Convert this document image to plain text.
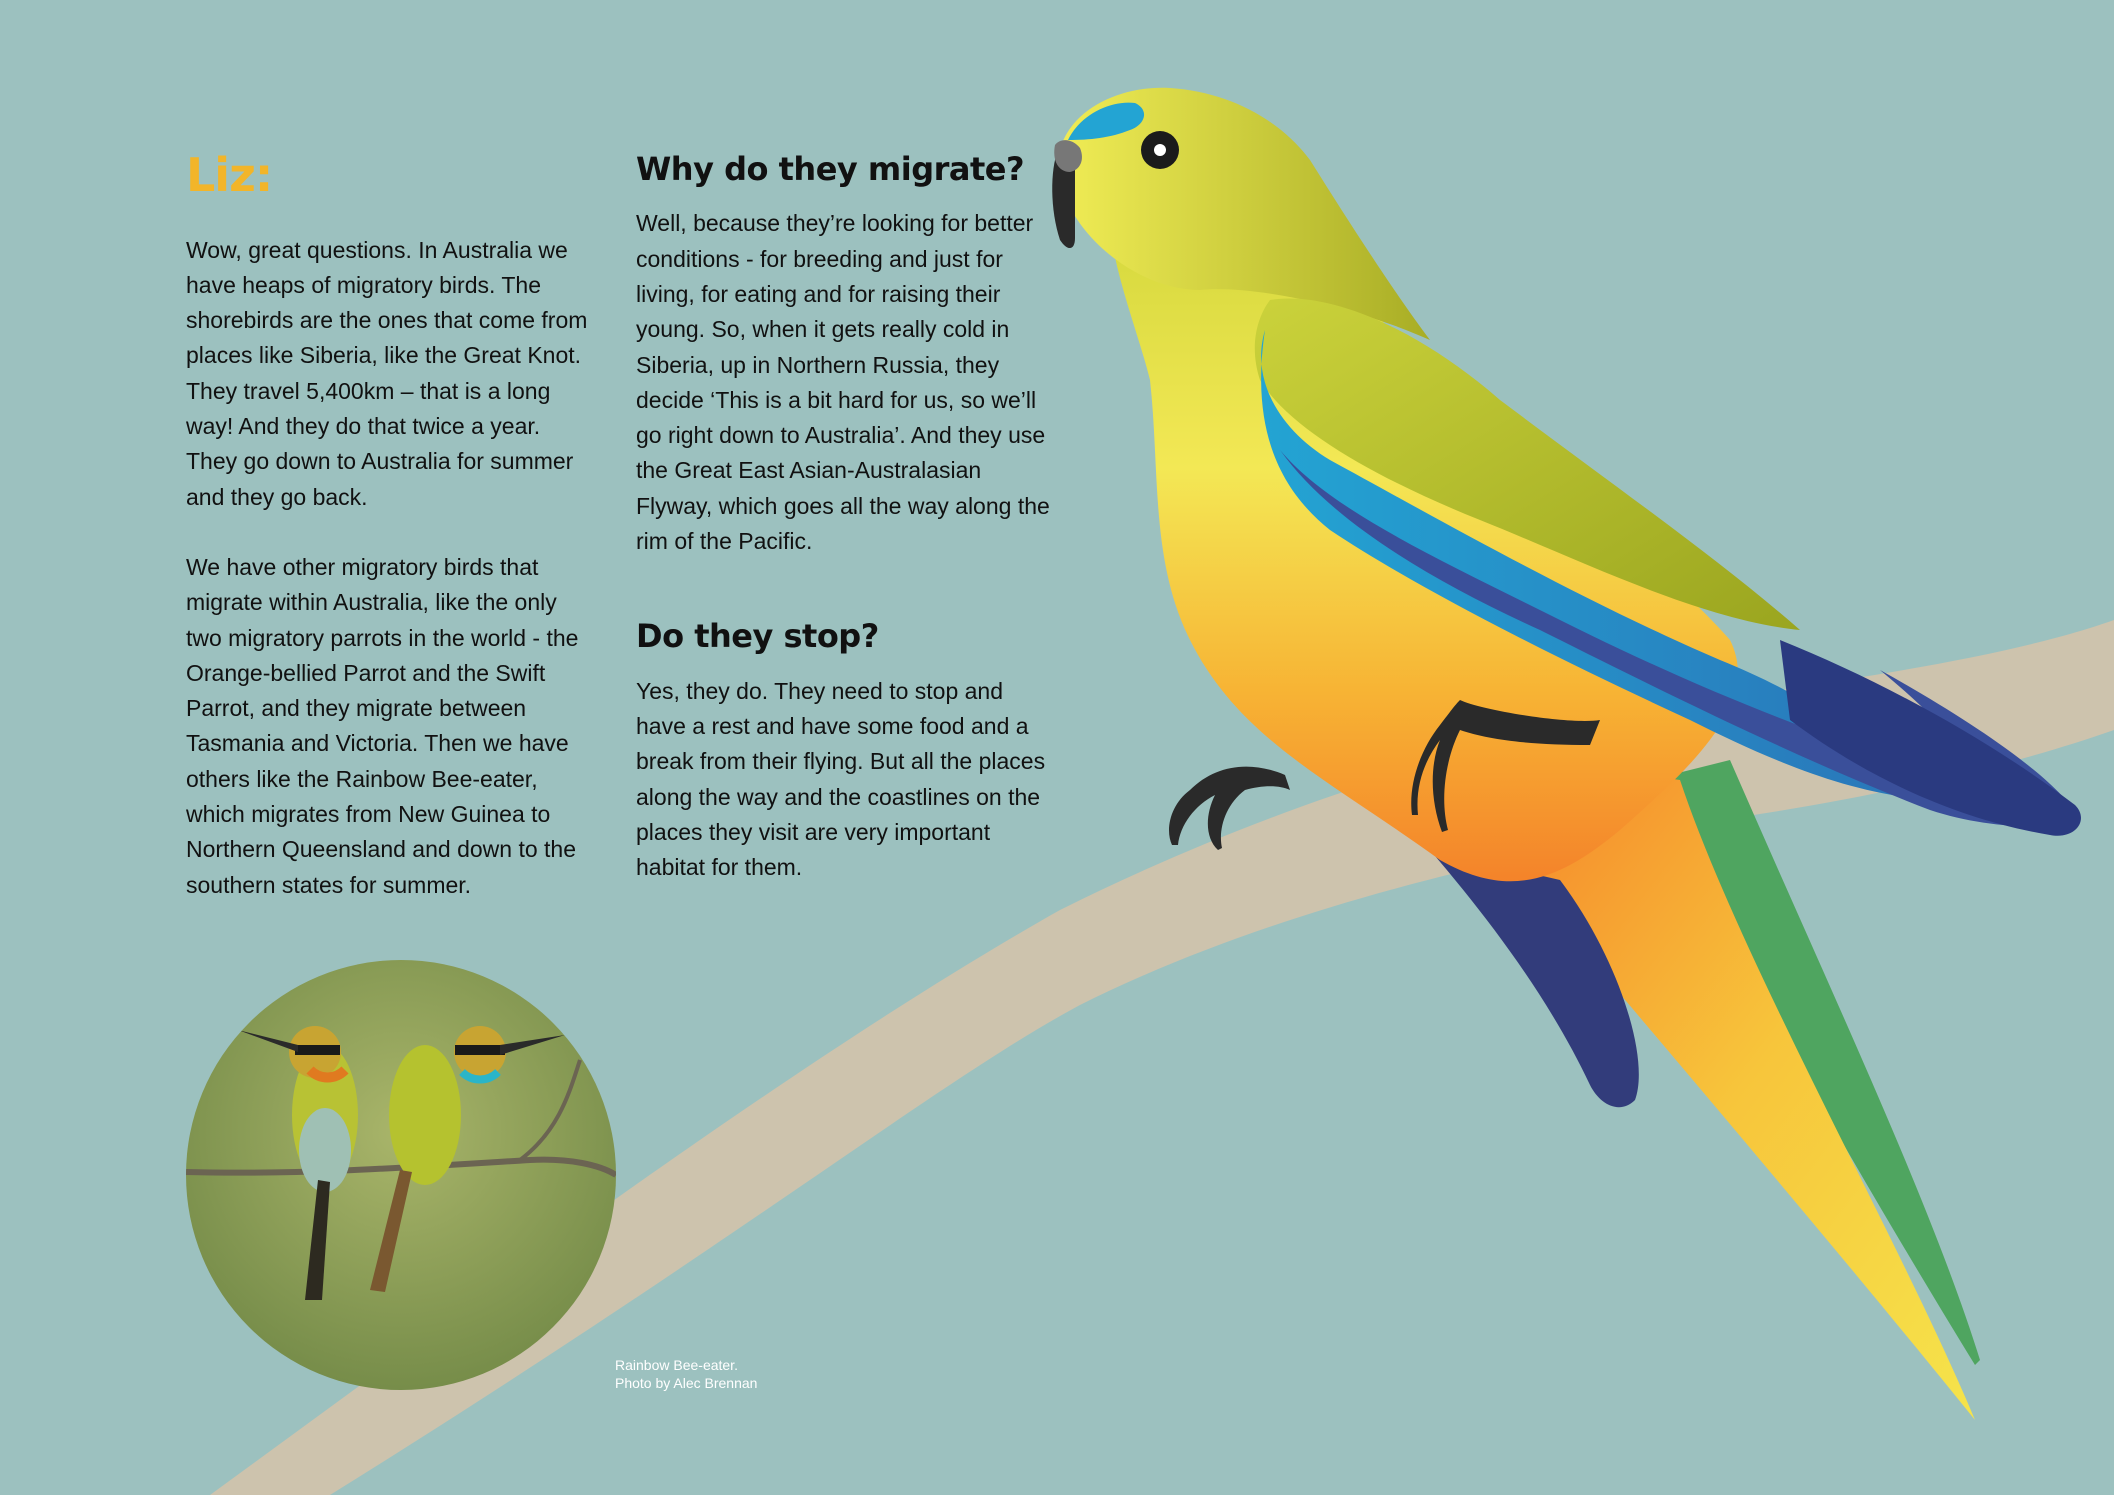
Liz:

Wow, great questions. In Australia we have heaps of migratory birds. The shorebirds are the ones that come from places like Siberia, like the Great Knot. They travel 5,400km – that is a long way! And they do that twice a year. They go down to Australia for summer and they go back.

We have other migratory birds that migrate within Australia, like the only two migratory parrots in the world - the Orange-bellied Parrot and the Swift Parrot, and they migrate between Tasmania and Victoria. Then we have others like the Rainbow Bee-eater, which migrates from New Guinea to Northern Queensland and down to the southern states for summer.

Why do they migrate?

Well, because they’re looking for better conditions - for breeding and just for living, for eating and for raising their young. So, when it gets really cold in Siberia, up in Northern Russia, they decide ‘This is a bit hard for us, so we’ll go right down to Australia’. And they use the Great East Asian-Australasian Flyway, which goes all the way along the rim of the Pacific.

Do they stop?

Yes, they do. They need to stop and have a rest and have some food and a break from their flying. But all the places along the way and the coastlines on the places they visit are very important habitat for them.

Rainbow Bee-eater.
Photo by Alec Brennan
